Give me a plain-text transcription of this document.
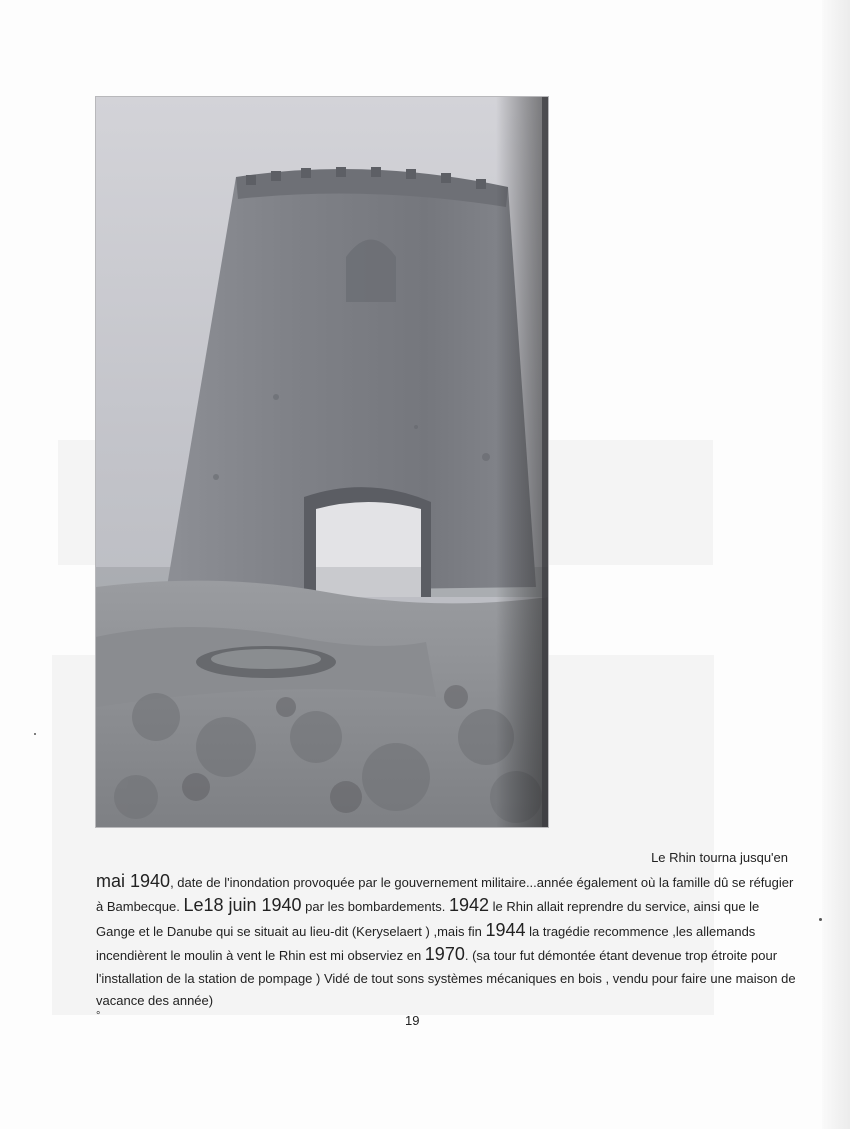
Le Rhin tourna jusqu'en
mai 1940, date de l'inondation provoquée par le gouvernement militaire...année également où la famille dû se réfugier à Bambecque. Le18 juin 1940 par les bombardements. 1942 le Rhin allait reprendre du service, ainsi que le Gange et le Danube qui se situait au lieu-dit (Keryselaert ) ,mais fin 1944 la tragédie recommence ,les allemands incendièrent le moulin à vent le Rhin est mi observiez en 1970. (sa tour fut démontée étant devenue trop étroite pour l'installation de la station de pompage ) Vidé de tout sons systèmes mécaniques en bois , vendu pour faire une maison de vacance des année)
°	19
